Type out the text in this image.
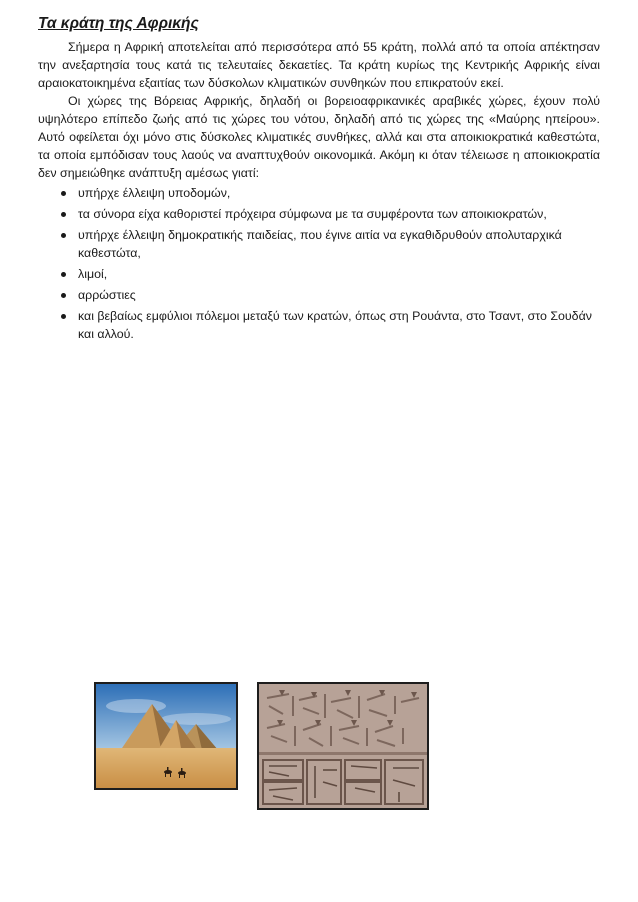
Τα κράτη της Αφρικής

Σήμερα η Αφρική αποτελείται από περισσότερα από 55 κράτη, πολλά από τα οποία απέκτησαν την ανεξαρτησία τους κατά τις τελευταίες δεκαετίες. Τα κράτη κυρίως της Κεντρικής Αφρικής είναι αραιοκατοικημένα εξαιτίας των δύσκολων κλιματικών συνθηκών που επικρατούν εκεί.

Οι χώρες της Βόρειας Αφρικής, δηλαδή οι βορειοαφρικανικές αραβικές χώρες, έχουν πολύ υψηλότερο επίπεδο ζωής από τις χώρες του νότου, δηλαδή από τις χώρες της «Μαύρης ηπείρου». Αυτό οφείλεται όχι μόνο στις δύσκολες κλιματικές συνθήκες, αλλά και στα αποικιοκρατικά καθεστώτα, τα οποία εμπόδισαν τους λαούς να αναπτυχθούν οικονομικά. Ακόμη κι όταν τέλειωσε η αποικιοκρατία δεν σημειώθηκε ανάπτυξη αμέσως γιατί:

υπήρχε έλλειψη υποδομών,
τα σύνορα είχα καθοριστεί πρόχειρα σύμφωνα με τα συμφέροντα των αποικιοκρατών,
υπήρχε έλλειψη δημοκρατικής παιδείας, που έγινε αιτία να εγκαθιδρυθούν απολυταρχικά καθεστώτα,
λιμοί,
αρρώστιες
και βεβαίως εμφύλιοι πόλεμοι μεταξύ των κρατών, όπως στη Ρουάντα, στο Τσαντ, στο Σουδάν και αλλού.
